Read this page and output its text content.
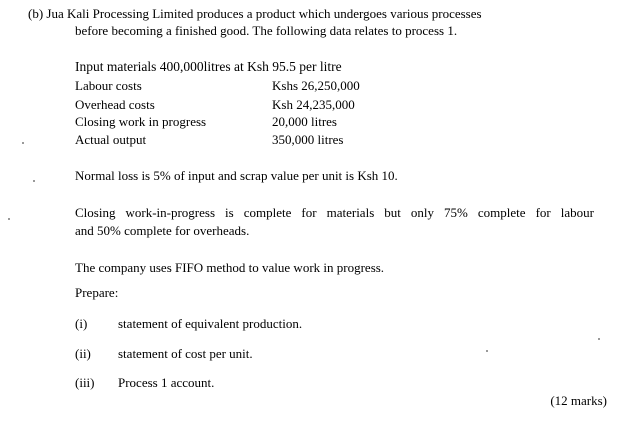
(b) Jua Kali Processing Limited produces a product which undergoes various processes
before becoming a finished good. The following data relates to process 1.
Input materials 400,000litres at Ksh 95.5 per litre
Labour costs	Kshs 26,250,000
Overhead costs	Ksh 24,235,000
Closing work in progress	20,000 litres
Actual output	350,000 litres
Normal loss is 5% of input and scrap value per unit is Ksh 10.
Closing work-in-progress is complete for materials but only 75% complete for labour
and 50% complete for overheads.
The company uses FIFO method to value work in progress.
Prepare:
(i) statement of equivalent production.
(ii) statement of cost per unit.
(iii) Process 1 account.
(12 marks)
